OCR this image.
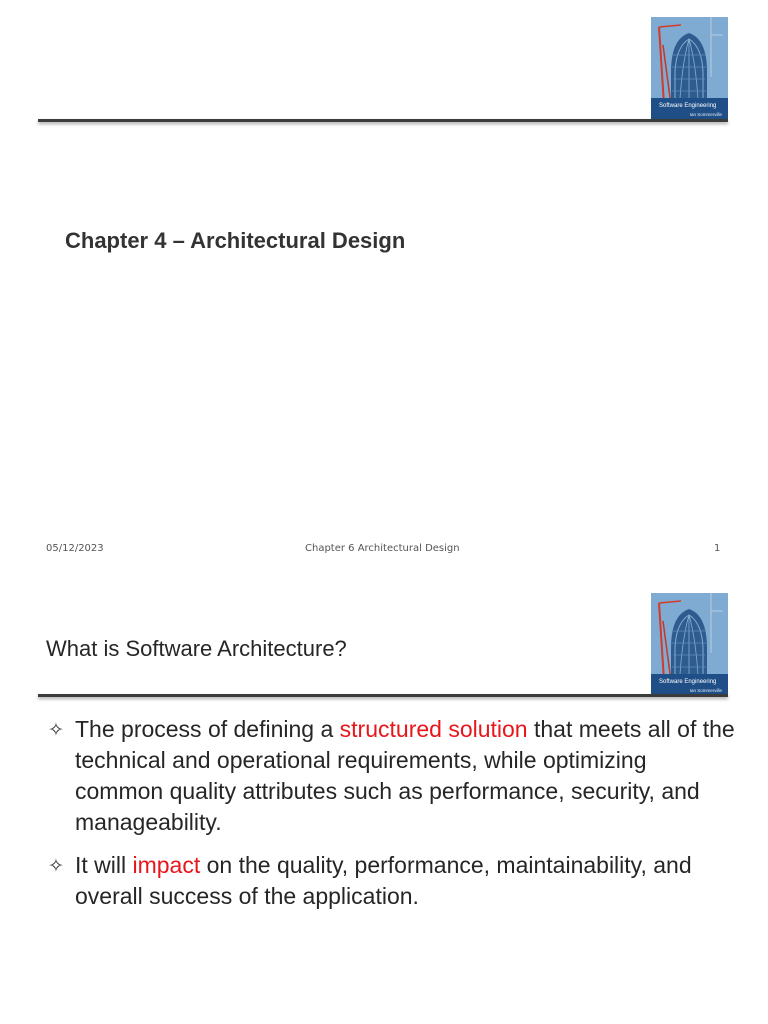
Software Engineering
Ian Sommerville
Chapter 4 – Architectural Design
05/12/2023	Chapter 6 Architectural Design	1
Software Engineering
Ian Sommerville
What is Software Architecture?
✧ The process of defining a structured solution that meets all of the technical and operational requirements, while optimizing common quality attributes such as performance, security, and manageability.
✧ It will impact on the quality, performance, maintainability, and overall success of the application.
